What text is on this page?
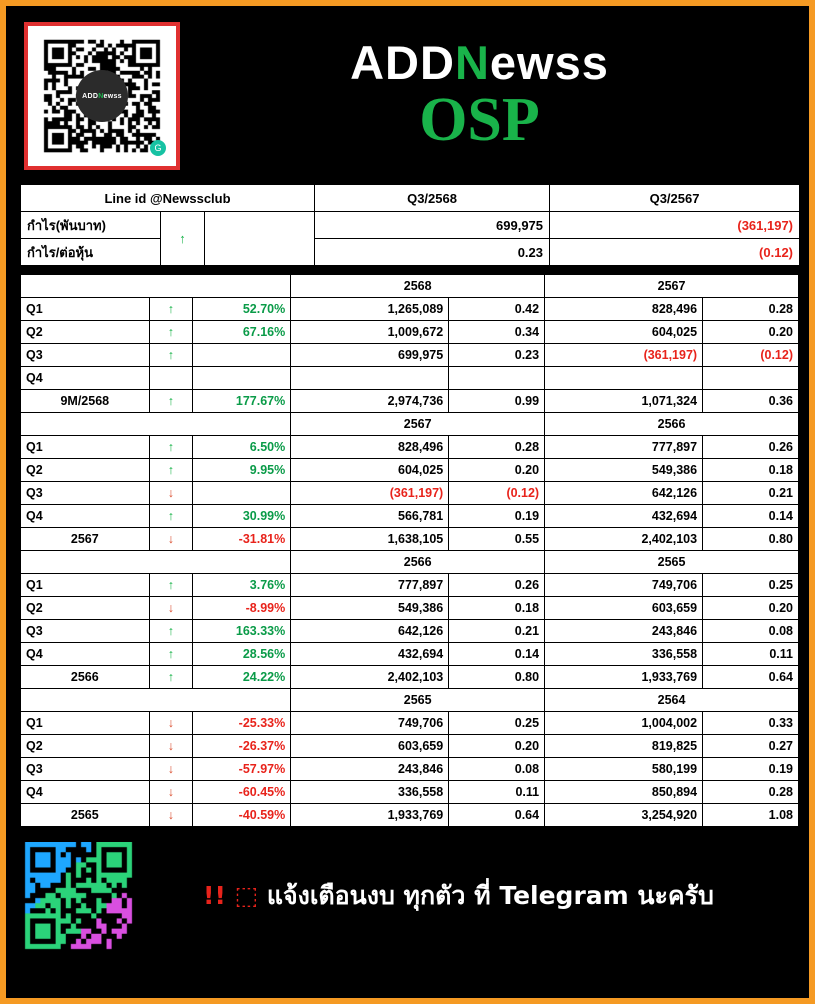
ADD N ewss
G
ADDNewss
OSP
Line id @Newssclub			Q3/2568	Q3/2567
กำไร(พันบาท)	↑		699,975	(361,197)
กำไร/ต่อหุ้น			0.23	(0.12)
			2568		2567	
Q1	↑	52.70%	1,265,089	0.42	828,496	0.28
Q2	↑	67.16%	1,009,672	0.34	604,025	0.20
Q3	↑		699,975	0.23	(361,197)	(0.12)
Q4						
9M/2568	↑	177.67%	2,974,736	0.99	1,071,324	0.36
			2567		2566	
Q1	↑	6.50%	828,496	0.28	777,897	0.26
Q2	↑	9.95%	604,025	0.20	549,386	0.18
Q3	↓		(361,197)	(0.12)	642,126	0.21
Q4	↑	30.99%	566,781	0.19	432,694	0.14
2567	↓	-31.81%	1,638,105	0.55	2,402,103	0.80
			2566		2565	
Q1	↑	3.76%	777,897	0.26	749,706	0.25
Q2	↓	-8.99%	549,386	0.18	603,659	0.20
Q3	↑	163.33%	642,126	0.21	243,846	0.08
Q4	↑	28.56%	432,694	0.14	336,558	0.11
2566	↑	24.22%	2,402,103	0.80	1,933,769	0.64
			2565		2564	
Q1	↓	-25.33%	749,706	0.25	1,004,002	0.33
Q2	↓	-26.37%	603,659	0.20	819,825	0.27
Q3	↓	-57.97%	243,846	0.08	580,199	0.19
Q4	↓	-60.45%	336,558	0.11	850,894	0.28
2565	↓	-40.59%	1,933,769	0.64	3,254,920	1.08
!! ⬚ แจ้งเตือนงบ ทุกตัว ที่ Telegram นะครับ
